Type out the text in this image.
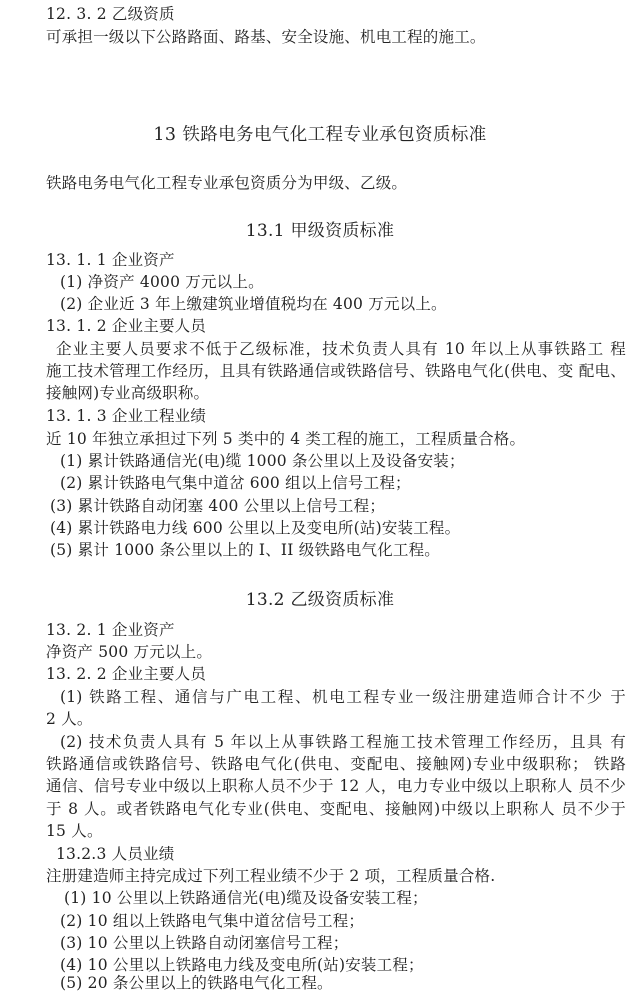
12. 3. 2 乙级资质
可承担一级以下公路路面、路基、安全设施、机电工程的施工。
13 铁路电务电气化工程专业承包资质标准
铁路电务电气化工程专业承包资质分为甲级、乙级。
13.1 甲级资质标准
13. 1. 1 企业资产
(1) 净资产 4000 万元以上。
(2) 企业近 3 年上缴建筑业增值税均在 400 万元以上。
13. 1. 2 企业主要人员
企业主要人员要求不低于乙级标准，技术负责人具有 10 年以上从事铁路工 程
施工技术管理工作经历，且具有铁路通信或铁路信号、铁路电气化(供电、变 配电、
接触网)专业高级职称。
13. 1. 3 企业工程业绩
近 10 年独立承担过下列 5 类中的 4 类工程的施工，工程质量合格。
(1) 累计铁路通信光(电)缆 1000 条公里以上及设备安装；
(2) 累计铁路电气集中道岔 600 组以上信号工程；
(3) 累计铁路自动闭塞 400 公里以上信号工程；
(4) 累计铁路电力线 600 公里以上及变电所(站)安装工程。
(5) 累计 1000 条公里以上的 I、II 级铁路电气化工程。
13.2 乙级资质标准
13. 2. 1 企业资产
净资产 500 万元以上。
13. 2. 2 企业主要人员
(1) 铁路工程、通信与广电工程、机电工程专业一级注册建造师合计不少 于
2 人。
(2) 技术负责人具有 5 年以上从事铁路工程施工技术管理工作经历，且具 有
铁路通信或铁路信号、铁路电气化(供电、变配电、接触网)专业中级职称； 铁路
通信、信号专业中级以上职称人员不少于 12 人，电力专业中级以上职称人 员不少
于 8 人。或者铁路电气化专业(供电、变配电、接触网)中级以上职称人 员不少于
15 人。
13.2.3 人员业绩
注册建造师主持完成过下列工程业绩不少于 2 项，工程质量合格.
(1) 10 公里以上铁路通信光(电)缆及设备安装工程；
(2) 10 组以上铁路电气集中道岔信号工程；
(3) 10 公里以上铁路自动闭塞信号工程；
(4) 10 公里以上铁路电力线及变电所(站)安装工程；
(5) 20 条公里以上的铁路电气化工程。
